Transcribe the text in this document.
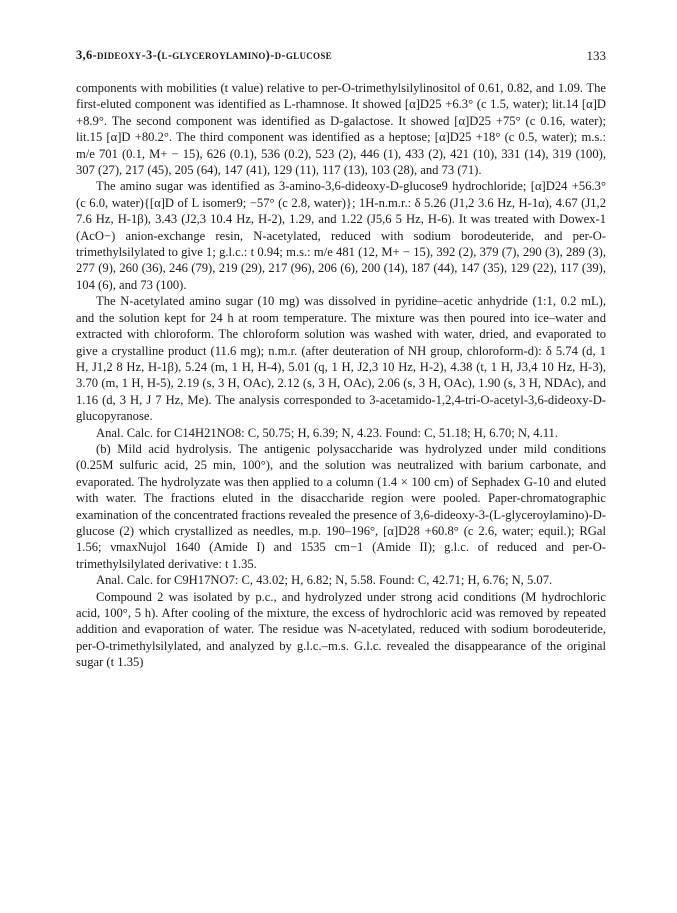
3,6-dideoxy-3-(l-glyceroylamino)-d-glucose	133

components with mobilities (t value) relative to per-O-trimethylsilylinositol of 0.61, 0.82, and 1.09. The first-eluted component was identified as L-rhamnose. It showed [α]D25 +6.3° (c 1.5, water); lit.14 [α]D +8.9°. The second component was identified as D-galactose. It showed [α]D25 +75° (c 0.16, water); lit.15 [α]D +80.2°. The third component was identified as a heptose; [α]D25 +18° (c 0.5, water); m.s.: m/e 701 (0.1, M+ − 15), 626 (0.1), 536 (0.2), 523 (2), 446 (1), 433 (2), 421 (10), 331 (14), 319 (100), 307 (27), 217 (45), 205 (64), 147 (41), 129 (11), 117 (13), 103 (28), and 73 (71).

The amino sugar was identified as 3-amino-3,6-dideoxy-D-glucose9 hydrochloride; [α]D24 +56.3° (c 6.0, water){[α]D of L isomer9; −57° (c 2.8, water)}; 1H-n.m.r.: δ 5.26 (J1,2 3.6 Hz, H-1α), 4.67 (J1,2 7.6 Hz, H-1β), 3.43 (J2,3 10.4 Hz, H-2), 1.29, and 1.22 (J5,6 5 Hz, H-6). It was treated with Dowex-1 (AcO−) anion-exchange resin, N-acetylated, reduced with sodium borodeuteride, and per-O-trimethylsilylated to give 1; g.l.c.: t 0.94; m.s.: m/e 481 (12, M+ − 15), 392 (2), 379 (7), 290 (3), 289 (3), 277 (9), 260 (36), 246 (79), 219 (29), 217 (96), 206 (6), 200 (14), 187 (44), 147 (35), 129 (22), 117 (39), 104 (6), and 73 (100).

The N-acetylated amino sugar (10 mg) was dissolved in pyridine–acetic anhydride (1:1, 0.2 mL), and the solution kept for 24 h at room temperature. The mixture was then poured into ice–water and extracted with chloroform. The chloroform solution was washed with water, dried, and evaporated to give a crystalline product (11.6 mg); n.m.r. (after deuteration of NH group, chloroform-d): δ 5.74 (d, 1 H, J1,2 8 Hz, H-1β), 5.24 (m, 1 H, H-4), 5.01 (q, 1 H, J2,3 10 Hz, H-2), 4.38 (t, 1 H, J3,4 10 Hz, H-3), 3.70 (m, 1 H, H-5), 2.19 (s, 3 H, OAc), 2.12 (s, 3 H, OAc), 2.06 (s, 3 H, OAc), 1.90 (s, 3 H, NDAc), and 1.16 (d, 3 H, J 7 Hz, Me). The analysis corresponded to 3-acetamido-1,2,4-tri-O-acetyl-3,6-dideoxy-D-glucopyranose.

Anal. Calc. for C14H21NO8: C, 50.75; H, 6.39; N, 4.23. Found: C, 51.18; H, 6.70; N, 4.11.

(b) Mild acid hydrolysis. The antigenic polysaccharide was hydrolyzed under mild conditions (0.25M sulfuric acid, 25 min, 100°), and the solution was neutralized with barium carbonate, and evaporated. The hydrolyzate was then applied to a column (1.4 × 100 cm) of Sephadex G-10 and eluted with water. The fractions eluted in the disaccharide region were pooled. Paper-chromatographic examination of the concentrated fractions revealed the presence of 3,6-dideoxy-3-(L-glyceroylamino)-D-glucose (2) which crystallized as needles, m.p. 190–196°, [α]D28 +60.8° (c 2.6, water; equil.); RGal 1.56; νmaxNujol 1640 (Amide I) and 1535 cm−1 (Amide II); g.l.c. of reduced and per-O-trimethylsilylated derivative: t 1.35.

Anal. Calc. for C9H17NO7: C, 43.02; H, 6.82; N, 5.58. Found: C, 42.71; H, 6.76; N, 5.07.

Compound 2 was isolated by p.c., and hydrolyzed under strong acid conditions (M hydrochloric acid, 100°, 5 h). After cooling of the mixture, the excess of hydrochloric acid was removed by repeated addition and evaporation of water. The residue was N-acetylated, reduced with sodium borodeuteride, per-O-trimethylsilylated, and analyzed by g.l.c.–m.s. G.l.c. revealed the disappearance of the original sugar (t 1.35)
